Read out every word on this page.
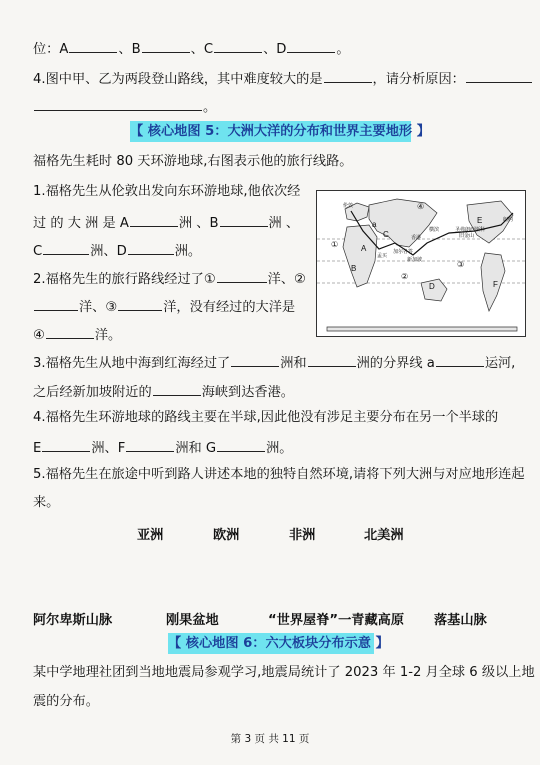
位：A	、B	、C	、D	。
4.图中甲、乙为两段登山路线，其中难度较大的是	，请分析原因：
。
【 核心地图 5：大洲大洋的分布和世界主要地形 】
福格先生耗时 80 天环游地球,右图表示他的旅行线路。
1.福格先生从伦敦出发向东环游地球,他依次经
过 的 大 洲 是 A	洲 、B	洲 、
C	洲、D	洲。
2.福格先生的旅行路线经过了①	洋、②
洋、③	洋，没有经过的大洋是
④	洋。
④
A
B
C
D
E
F
②
③
①
a
伦敦
香港
圣弗朗西斯科
旧金山
加尔各答
孟买
新加坡
横滨
纽约
3.福格先生从地中海到红海经过了	洲和	洲的分界线 a	运河,
之后经新加坡附近的	海峡到达香港。
4.福格先生环游地球的路线主要在半球,因此他没有涉足主要分布在另一个半球的
E	洲、F	洲和 G	洲。
5.福格先生在旅途中听到路人讲述本地的独特自然环境,请将下列大洲与对应地形连起
来。
亚洲	欧洲	非洲	北美洲
阿尔卑斯山脉	刚果盆地	“世界屋脊”一青藏高原 落基山脉
【 核心地图 6：六大板块分布示意 】
某中学地理社团到当地地震局参观学习,地震局统计了 2023 年 1-2 月全球 6 级以上地
震的分布。
第 3 页 共 11 页
